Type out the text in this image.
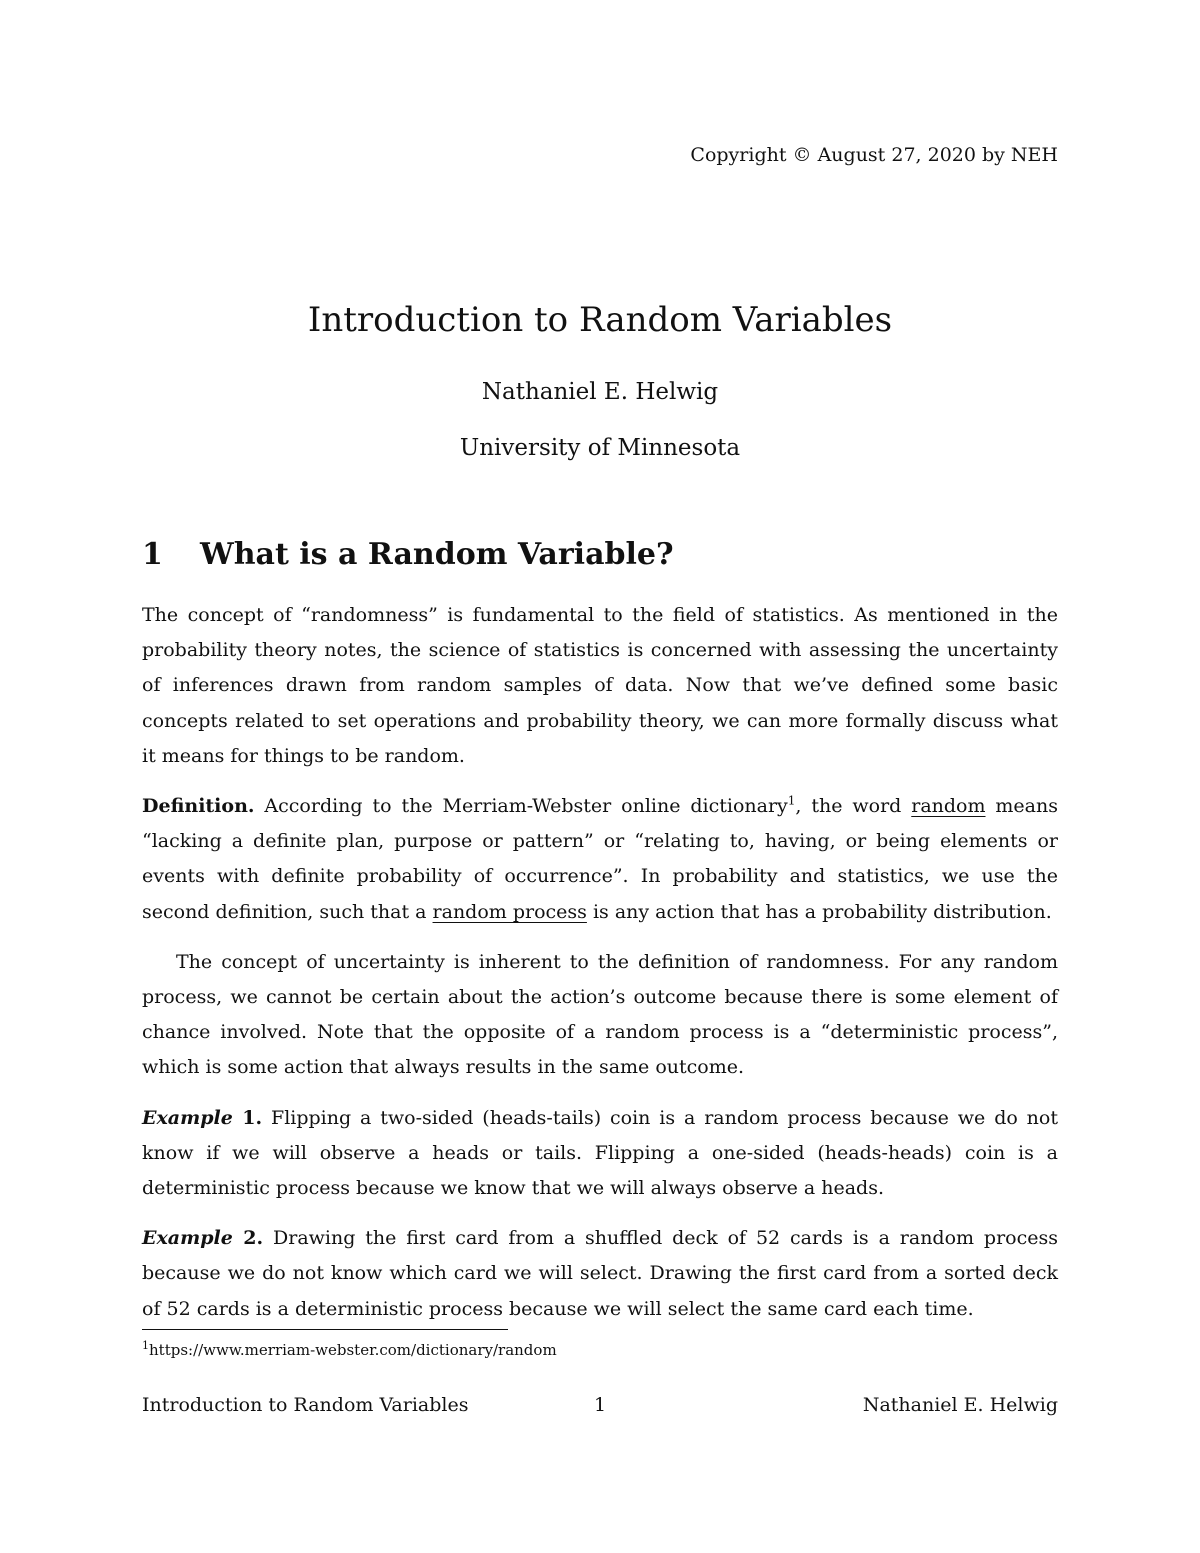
Copyright © August 27, 2020 by NEH
Introduction to Random Variables
Nathaniel E. Helwig
University of Minnesota
1 What is a Random Variable?

The concept of “randomness” is fundamental to the field of statistics. As mentioned in the probability theory notes, the science of statistics is concerned with assessing the uncertainty of inferences drawn from random samples of data. Now that we’ve defined some basic concepts related to set operations and probability theory, we can more formally discuss what it means for things to be random.

Definition. According to the Merriam-Webster online dictionary$^1$, the word random means “lacking a definite plan, purpose or pattern” or “relating to, having, or being elements or events with definite probability of occurrence”. In probability and statistics, we use the second definition, such that a random process is any action that has a probability distribution.

The concept of uncertainty is inherent to the definition of randomness. For any random process, we cannot be certain about the action’s outcome because there is some element of chance involved. Note that the opposite of a random process is a “deterministic process”, which is some action that always results in the same outcome.

Example 1. Flipping a two-sided (heads-tails) coin is a random process because we do not know if we will observe a heads or tails. Flipping a one-sided (heads-heads) coin is a deterministic process because we know that we will always observe a heads.

Example 2. Drawing the first card from a shuffled deck of 52 cards is a random process because we do not know which card we will select. Drawing the first card from a sorted deck of 52 cards is a deterministic process because we will select the same card each time.

$^1$https://www.merriam-webster.com/dictionary/random
Introduction to Random Variables	1	Nathaniel E. Helwig
